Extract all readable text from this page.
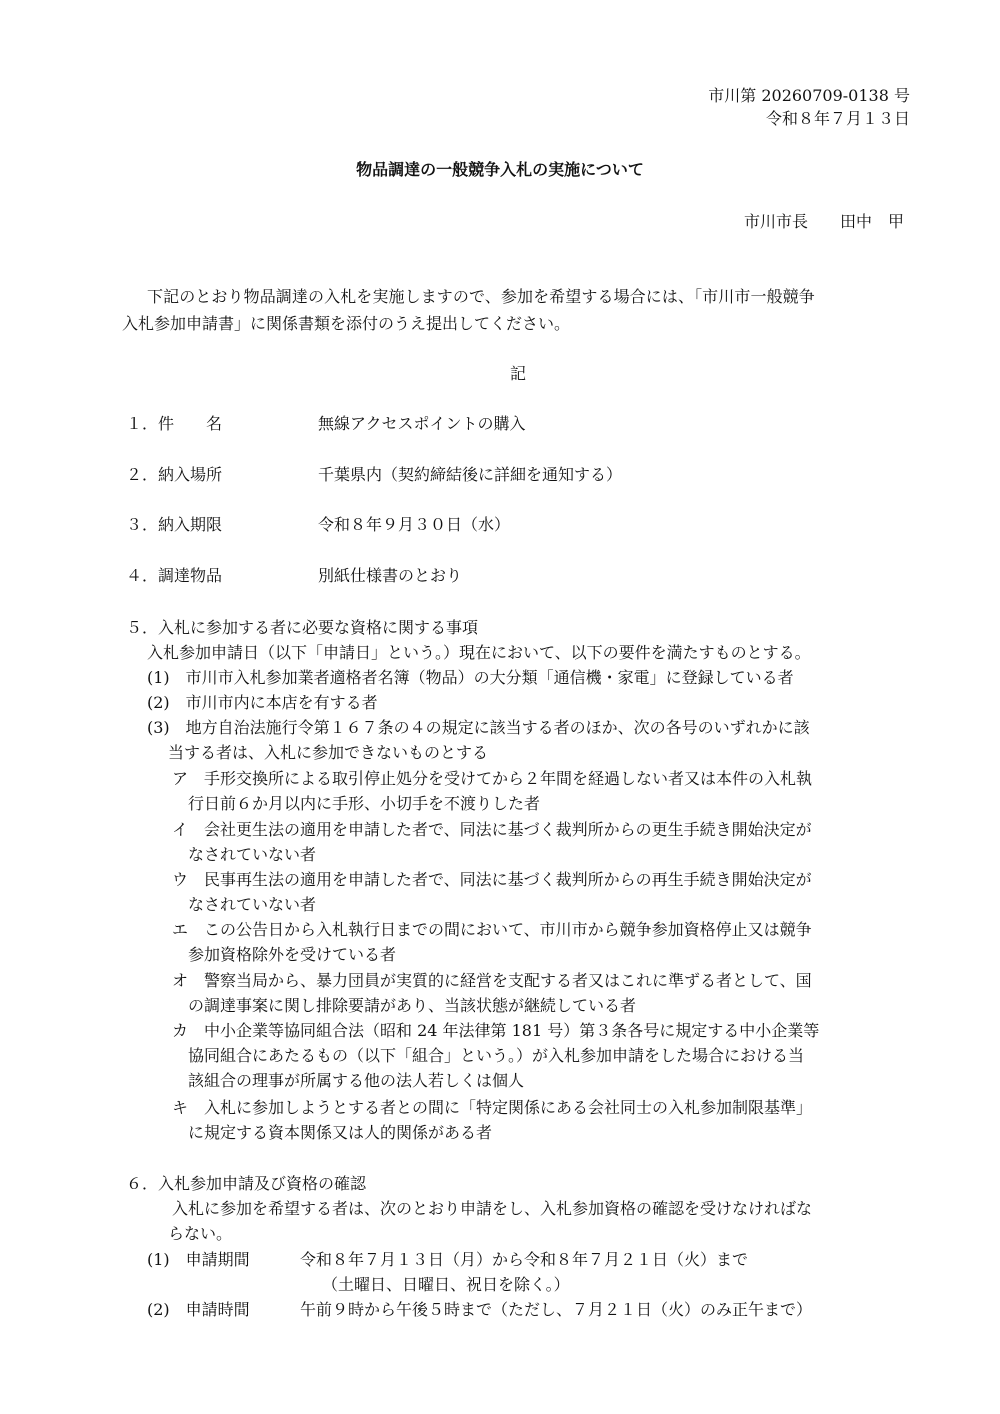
市川第 20260709-0138 号
令和８年７月１３日
物品調達の一般競争入札の実施について
市川市長　　田中　甲
下記のとおり物品調達の入札を実施しますので、参加を希望する場合には、「市川市一般競争
入札参加申請書」に関係書類を添付のうえ提出してください。
記
１．件　　名	無線アクセスポイントの購入
２．納入場所	千葉県内（契約締結後に詳細を通知する）
３．納入期限	令和８年９月３０日（水）
４．調達物品	別紙仕様書のとおり
５．入札に参加する者に必要な資格に関する事項
入札参加申請日（以下「申請日」という。）現在において、以下の要件を満たすものとする。
(1)　市川市入札参加業者適格者名簿（物品）の大分類「通信機・家電」に登録している者
(2)　市川市内に本店を有する者
(3)　地方自治法施行令第１６７条の４の規定に該当する者のほか、次の各号のいずれかに該
当する者は、入札に参加できないものとする
ア　手形交換所による取引停止処分を受けてから２年間を経過しない者又は本件の入札執
行日前６か月以内に手形、小切手を不渡りした者
イ　会社更生法の適用を申請した者で、同法に基づく裁判所からの更生手続き開始決定が
なされていない者
ウ　民事再生法の適用を申請した者で、同法に基づく裁判所からの再生手続き開始決定が
なされていない者
エ　この公告日から入札執行日までの間において、市川市から競争参加資格停止又は競争
参加資格除外を受けている者
オ　警察当局から、暴力団員が実質的に経営を支配する者又はこれに準ずる者として、国
の調達事案に関し排除要請があり、当該状態が継続している者
カ　中小企業等協同組合法（昭和 24 年法律第 181 号）第３条各号に規定する中小企業等
協同組合にあたるもの（以下「組合」という。）が入札参加申請をした場合における当
該組合の理事が所属する他の法人若しくは個人
キ　入札に参加しようとする者との間に「特定関係にある会社同士の入札参加制限基準」
に規定する資本関係又は人的関係がある者
６．入札参加申請及び資格の確認
入札に参加を希望する者は、次のとおり申請をし、入札参加資格の確認を受けなければな
らない。
(1)　申請期間	令和８年７月１３日（月）から令和８年７月２１日（火）まで
（土曜日、日曜日、祝日を除く。）
(2)　申請時間	午前９時から午後５時まで（ただし、７月２１日（火）のみ正午まで）
